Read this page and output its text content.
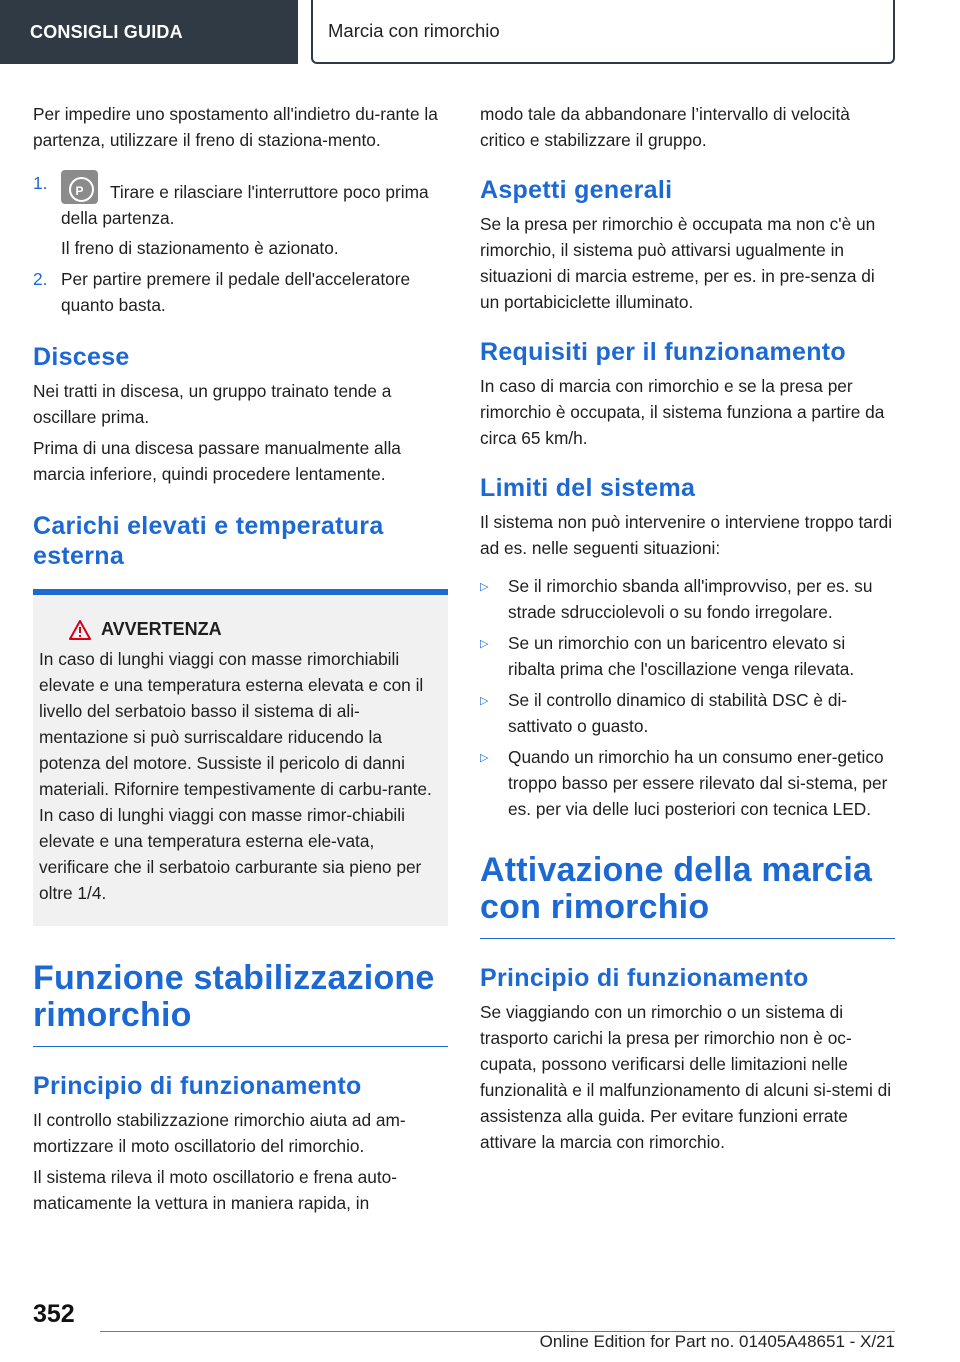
CONSIGLI GUIDA	Marcia con rimorchio

Per impedire uno spostamento all'indietro du-rante la partenza, utilizzare il freno di staziona-mento.

1.
P	Tirare e rilasciare l'interruttore poco prima della partenza.
Il freno di stazionamento è azionato.
2. Per partire premere il pedale dell'acceleratore quanto basta.
Discese

Nei tratti in discesa, un gruppo trainato tende a oscillare prima.

Prima di una discesa passare manualmente alla marcia inferiore, quindi procedere lentamente.

Carichi elevati e temperatura esterna
AVVERTENZA

In caso di lunghi viaggi con masse rimorchiabili elevate e una temperatura esterna elevata e con il livello del serbatoio basso il sistema di ali-mentazione si può surriscaldare riducendo la potenza del motore. Sussiste il pericolo di danni materiali. Rifornire tempestivamente di carbu-rante. In caso di lunghi viaggi con masse rimor-chiabili elevate e una temperatura esterna ele-vata, verificare che il serbatoio carburante sia pieno per oltre 1/4.

Funzione stabilizzazione rimorchio
Principio di funzionamento

Il controllo stabilizzazione rimorchio aiuta ad am-mortizzare il moto oscillatorio del rimorchio.

Il sistema rileva il moto oscillatorio e frena auto-maticamente la vettura in maniera rapida, in

modo tale da abbandonare l’intervallo di velocità critico e stabilizzare il gruppo.

Aspetti generali

Se la presa per rimorchio è occupata ma non c'è un rimorchio, il sistema può attivarsi ugualmente in situazioni di marcia estreme, per es. in pre-senza di un portabiciclette illuminato.

Requisiti per il funzionamento

In caso di marcia con rimorchio e se la presa per rimorchio è occupata, il sistema funziona a partire da circa 65 km/h.

Limiti del sistema

Il sistema non può intervenire o interviene troppo tardi ad es. nelle seguenti situazioni:

▷	Se il rimorchio sbanda all'improvviso, per es. su strade sdrucciolevoli o su fondo irregolare.
▷	Se un rimorchio con un baricentro elevato si ribalta prima che l'oscillazione venga rilevata.
▷	Se il controllo dinamico di stabilità DSC è di-sattivato o guasto.
▷	Quando un rimorchio ha un consumo ener-getico troppo basso per essere rilevato dal si-stema, per es. per via delle luci posteriori con tecnica LED.
Attivazione della marcia con rimorchio
Principio di funzionamento

Se viaggiando con un rimorchio o un sistema di trasporto carichi la presa per rimorchio non è oc-cupata, possono verificarsi delle limitazioni nelle funzionalità e il malfunzionamento di alcuni si-stemi di assistenza alla guida. Per evitare funzioni errate attivare la marcia con rimorchio.

352
Online Edition for Part no. 01405A48651 - X/21
